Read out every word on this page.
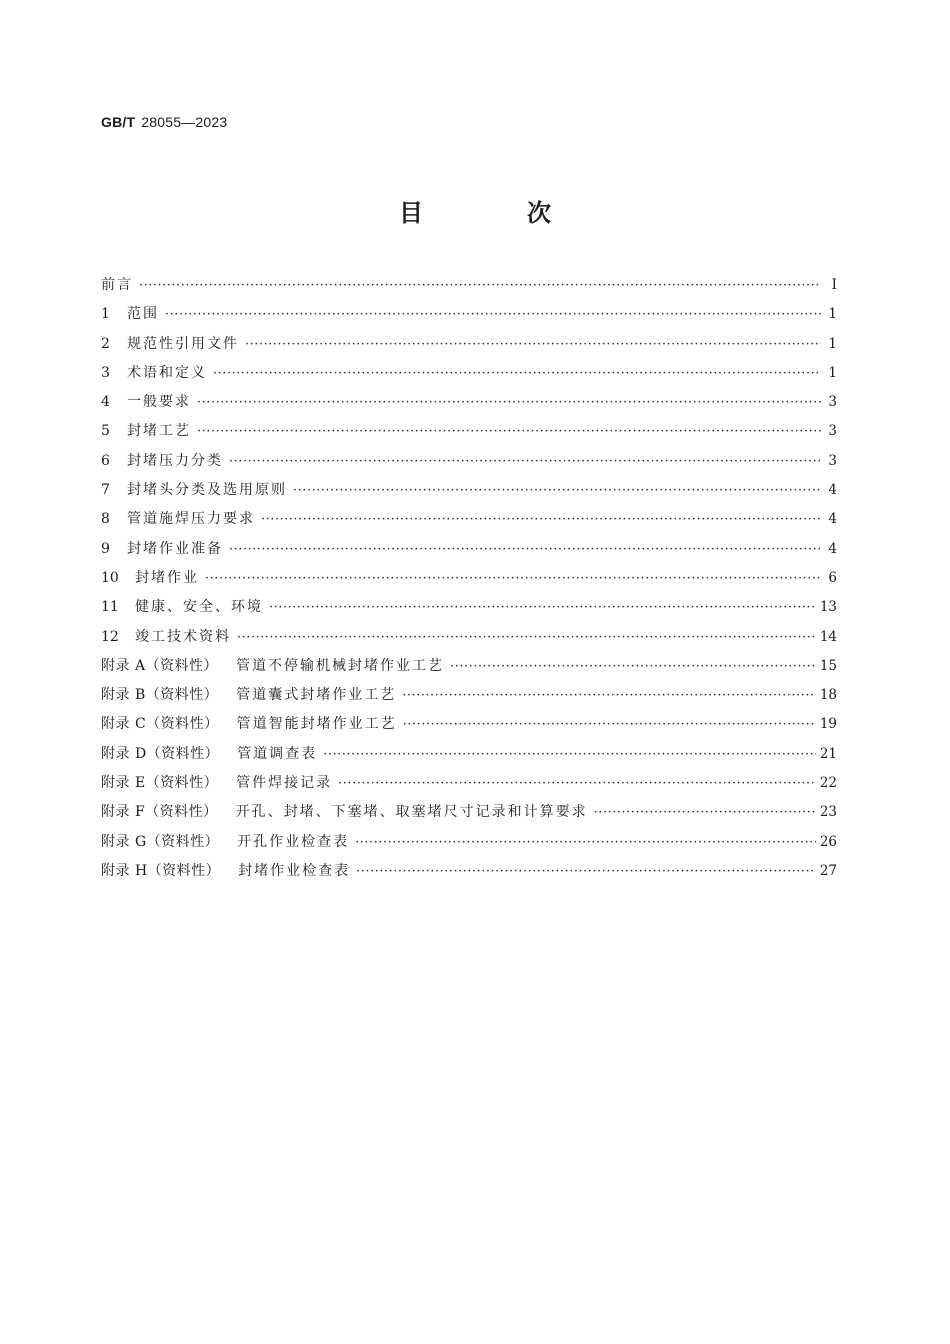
GB/T 28055—2023
目　次
前言 ·····	Ⅰ
1	范围 ·····	1
2	规范性引用文件 ·····	1
3	术语和定义 ·····	1
4	一般要求 ·····	3
5	封堵工艺 ·····	3
6	封堵压力分类 ·····	3
7	封堵头分类及选用原则 ·····	4
8	管道施焊压力要求 ·····	4
9	封堵作业准备 ·····	4
10	封堵作业 ·····	6
11	健康、安全、环境 ·····	13
12	竣工技术资料 ·····	14
附录 A（资料性） 管道不停输机械封堵作业工艺 ·····	15
附录 B（资料性） 管道囊式封堵作业工艺 ·····	18
附录 C（资料性） 管道智能封堵作业工艺 ·····	19
附录 D（资料性） 管道调查表 ·····	21
附录 E（资料性） 管件焊接记录 ·····	22
附录 F（资料性） 开孔、封堵、下塞堵、取塞堵尺寸记录和计算要求 ·····	23
附录 G（资料性） 开孔作业检查表 ·····	26
附录 H（资料性） 封堵作业检查表 ·····	27
